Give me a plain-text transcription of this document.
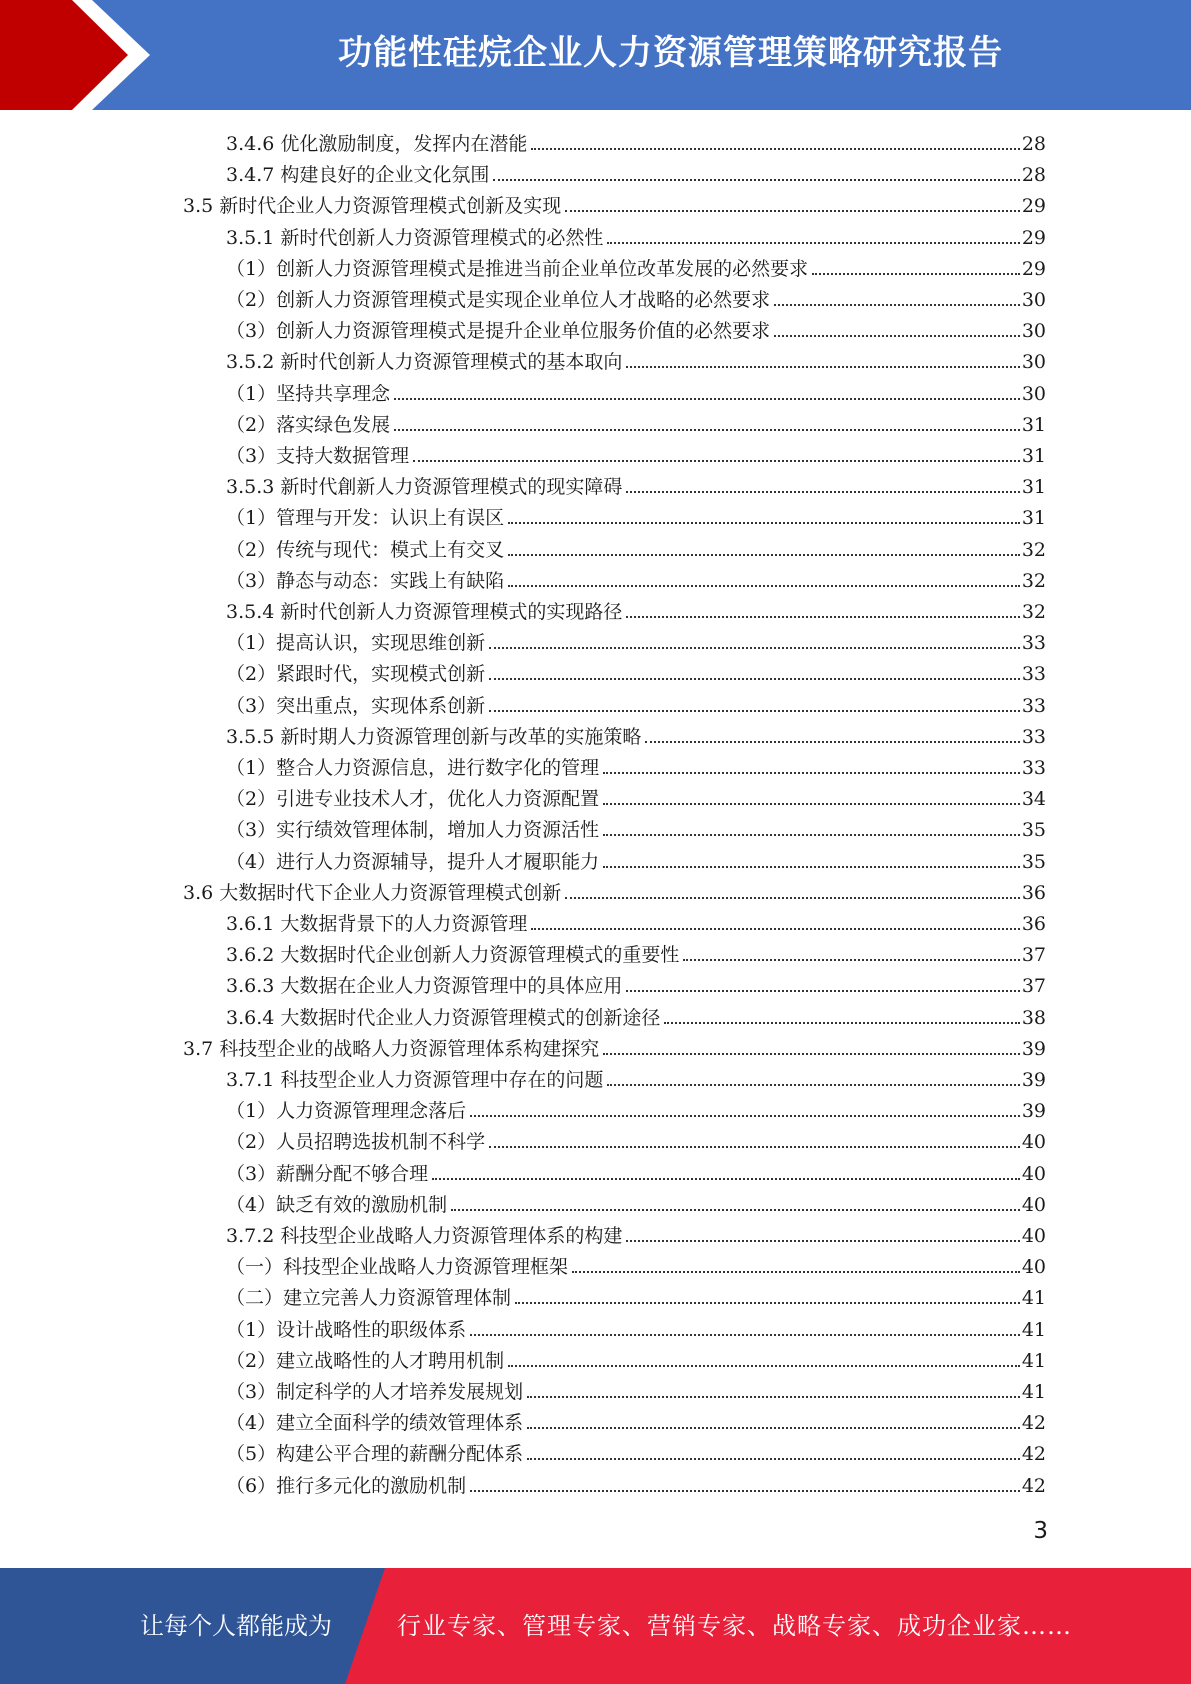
功能性硅烷企业人力资源管理策略研究报告
3.4.6 优化激励制度，发挥内在潜能	28
3.4.7 构建良好的企业文化氛围	28
3.5 新时代企业人力资源管理模式创新及实现	29
3.5.1 新时代创新人力资源管理模式的必然性	29
（1）创新人力资源管理模式是推进当前企业单位改革发展的必然要求	29
（2）创新人力资源管理模式是实现企业单位人才战略的必然要求	30
（3）创新人力资源管理模式是提升企业单位服务价值的必然要求	30
3.5.2 新时代创新人力资源管理模式的基本取向	30
（1）坚持共享理念	30
（2）落实绿色发展	31
（3）支持大数据管理	31
3.5.3 新时代創新人力资源管理模式的现实障碍	31
（1）管理与开发：认识上有误区	31
（2）传统与现代：模式上有交叉	32
（3）静态与动态：实践上有缺陷	32
3.5.4 新时代创新人力资源管理模式的实现路径	32
（1）提高认识，实现思维创新	33
（2）紧跟时代，实现模式创新	33
（3）突出重点，实现体系创新	33
3.5.5 新时期人力资源管理创新与改革的实施策略	33
（1）整合人力资源信息，进行数字化的管理	33
（2）引进专业技术人才，优化人力资源配置	34
（3）实行绩效管理体制，增加人力资源活性	35
（4）进行人力资源辅导，提升人才履职能力	35
3.6 大数据时代下企业人力资源管理模式创新	36
3.6.1 大数据背景下的人力资源管理	36
3.6.2 大数据时代企业创新人力资源管理模式的重要性	37
3.6.3 大数据在企业人力资源管理中的具体应用	37
3.6.4 大数据时代企业人力资源管理模式的创新途径	38
3.7 科技型企业的战略人力资源管理体系构建探究	39
3.7.1 科技型企业人力资源管理中存在的问题	39
（1）人力资源管理理念落后	39
（2）人员招聘选拔机制不科学	40
（3）薪酬分配不够合理	40
（4）缺乏有效的激励机制	40
3.7.2 科技型企业战略人力资源管理体系的构建	40
（一）科技型企业战略人力资源管理框架	40
（二）建立完善人力资源管理体制	41
（1）设计战略性的职级体系	41
（2）建立战略性的人才聘用机制	41
（3）制定科学的人才培养发展规划	41
（4）建立全面科学的绩效管理体系	42
（5）构建公平合理的薪酬分配体系	42
（6）推行多元化的激励机制	42
3
让每个人都能成为	行业专家、管理专家、营销专家、战略专家、成功企业家……
